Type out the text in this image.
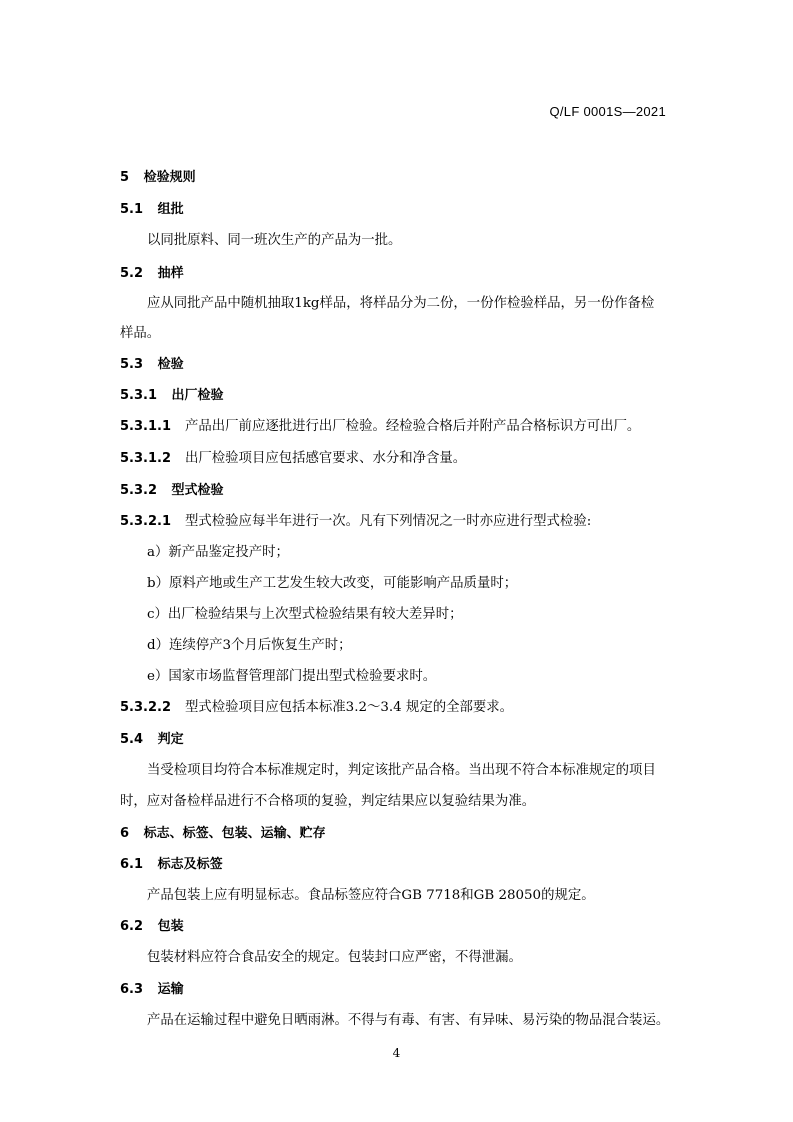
Q/LF 0001S—2021
5 检验规则
5.1 组批
以同批原料、同一班次生产的产品为一批。
5.2 抽样
应从同批产品中随机抽取1kg样品，将样品分为二份，一份作检验样品，另一份作备检
样品。
5.3 检验
5.3.1 出厂检验
5.3.1.1 产品出厂前应逐批进行出厂检验。经检验合格后并附产品合格标识方可出厂。
5.3.1.2 出厂检验项目应包括感官要求、水分和净含量。
5.3.2 型式检验
5.3.2.1 型式检验应每半年进行一次。凡有下列情况之一时亦应进行型式检验:
a）新产品鉴定投产时；
b）原料产地或生产工艺发生较大改变，可能影响产品质量时；
c）出厂检验结果与上次型式检验结果有较大差异时；
d）连续停产3个月后恢复生产时；
e）国家市场监督管理部门提出型式检验要求时。
5.3.2.2 型式检验项目应包括本标准3.2～3.4 规定的全部要求。
5.4 判定
当受检项目均符合本标准规定时，判定该批产品合格。当出现不符合本标准规定的项目
时，应对备检样品进行不合格项的复验，判定结果应以复验结果为准。
6 标志、标签、包装、运输、贮存
6.1 标志及标签
产品包装上应有明显标志。食品标签应符合GB 7718和GB 28050的规定。
6.2 包装
包装材料应符合食品安全的规定。包装封口应严密，不得泄漏。
6.3 运输
产品在运输过程中避免日晒雨淋。不得与有毒、有害、有异味、易污染的物品混合装运。
4
